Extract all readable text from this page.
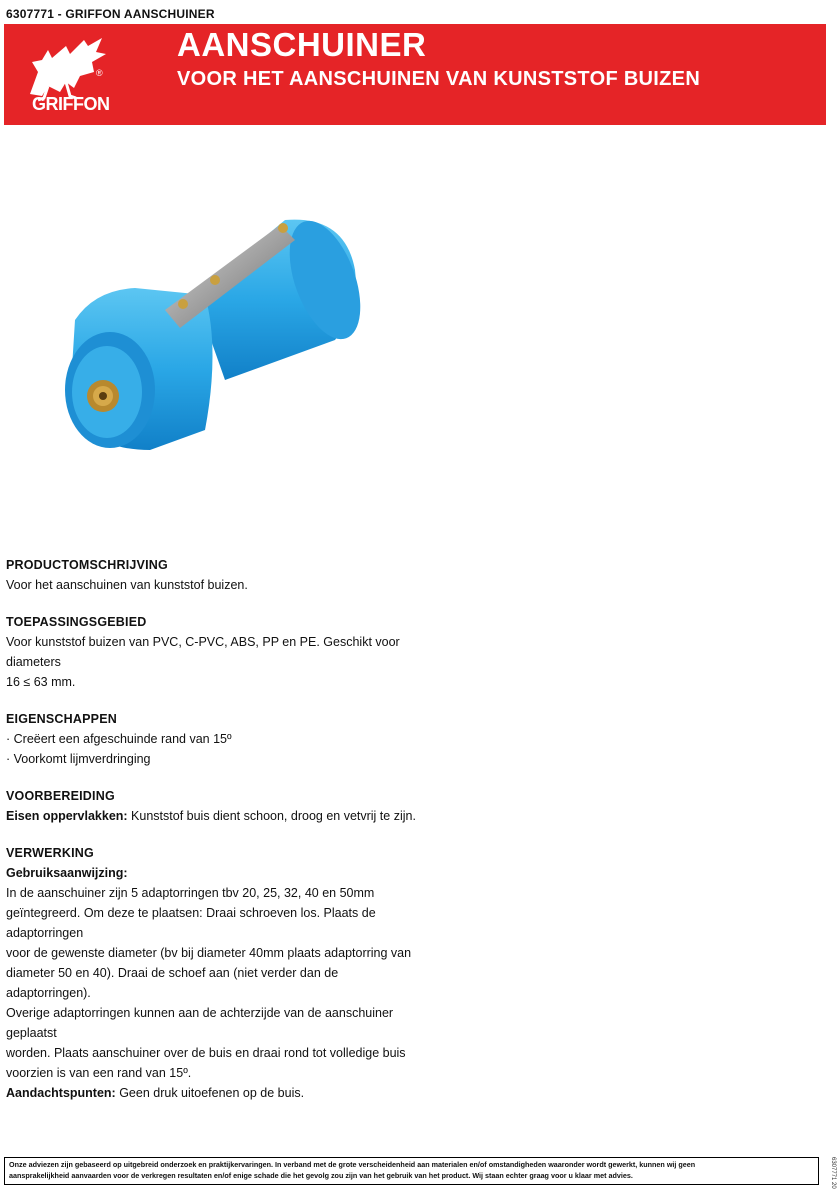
6307771 - GRIFFON AANSCHUINER
®
GRIFFON
AANSCHUINER
VOOR HET AANSCHUINEN VAN KUNSTSTOF BUIZEN
PRODUCTOMSCHRIJVING

Voor het aanschuinen van kunststof buizen.

TOEPASSINGSGEBIED

Voor kunststof buizen van PVC, C-PVC, ABS, PP en PE. Geschikt voor diameters

16 ≤ 63 mm.

EIGENSCHAPPEN

· Creëert een afgeschuinde rand van 15º

· Voorkomt lijmverdringing

VOORBEREIDING

Eisen oppervlakken: Kunststof buis dient schoon, droog en vetvrij te zijn.

VERWERKING

Gebruiksaanwijzing:

In de aanschuiner zijn 5 adaptorringen tbv 20, 25, 32, 40 en 50mm

geïntegreerd. Om deze te plaatsen: Draai schroeven los. Plaats de adaptorringen

voor de gewenste diameter (bv bij diameter 40mm plaats adaptorring van

diameter 50 en 40). Draai de schoef aan (niet verder dan de adaptorringen).

Overige adaptorringen kunnen aan de achterzijde van de aanschuiner geplaatst

worden. Plaats aanschuiner over de buis en draai rond tot volledige buis

voorzien is van een rand van 15º.

Aandachtspunten: Geen druk uitoefenen op de buis.

Onze adviezen zijn gebaseerd op uitgebreid onderzoek en praktijkervaringen. In verband met de grote verscheidenheid aan materialen en/of omstandigheden waaronder wordt gewerkt, kunnen wij geen
aansprakelijkheid aanvaarden voor de verkregen resultaten en/of enige schade die het gevolg zou zijn van het gebruik van het product. Wij staan echter graag voor u klaar met advies.	6307771 20
